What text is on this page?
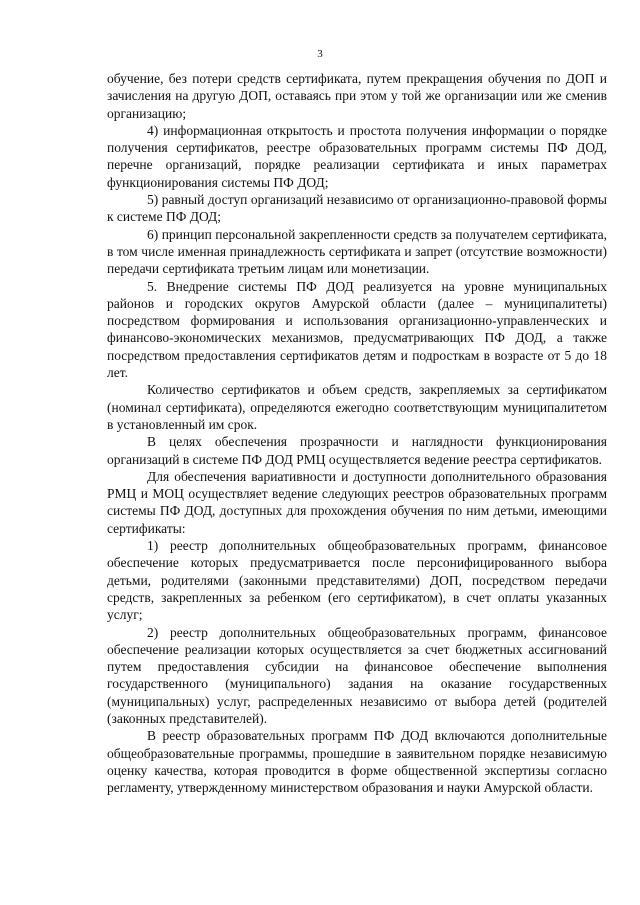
3

обучение, без потери средств сертификата, путем прекращения обучения по ДОП и зачисления на другую ДОП, оставаясь при этом у той же организации или же сменив организацию;

4) информационная открытость и простота получения информации о порядке получения сертификатов, реестре образовательных программ системы ПФ ДОД, перечне организаций, порядке реализации сертификата и иных параметрах функционирования системы ПФ ДОД;

5) равный доступ организаций независимо от организационно-правовой формы к системе ПФ ДОД;

6) принцип персональной закрепленности средств за получателем сертификата, в том числе именная принадлежность сертификата и запрет (отсутствие возможности) передачи сертификата третьим лицам или монетизации.

5. Внедрение системы ПФ ДОД реализуется на уровне муниципальных районов и городских округов Амурской области (далее – муниципалитеты) посредством формирования и использования организационно-управленческих и финансово-экономических механизмов, предусматривающих ПФ ДОД, а также посредством предоставления сертификатов детям и подросткам в возрасте от 5 до 18 лет.

Количество сертификатов и объем средств, закрепляемых за сертификатом (номинал сертификата), определяются ежегодно соответствующим муниципалитетом в установленный им срок.

В целях обеспечения прозрачности и наглядности функционирования организаций в системе ПФ ДОД РМЦ осуществляется ведение реестра сертификатов.

Для обеспечения вариативности и доступности дополнительного образования РМЦ и МОЦ осуществляет ведение следующих реестров образовательных программ системы ПФ ДОД, доступных для прохождения обучения по ним детьми, имеющими сертификаты:

1) реестр дополнительных общеобразовательных программ, финансовое обеспечение которых предусматривается после персонифицированного выбора детьми, родителями (законными представителями) ДОП, посредством передачи средств, закрепленных за ребенком (его сертификатом), в счет оплаты указанных услуг;

2) реестр дополнительных общеобразовательных программ, финансовое обеспечение реализации которых осуществляется за счет бюджетных ассигнований путем предоставления субсидии на финансовое обеспечение выполнения государственного (муниципального) задания на оказание государственных (муниципальных) услуг, распределенных независимо от выбора детей (родителей (законных представителей).

В реестр образовательных программ ПФ ДОД включаются дополнительные общеобразовательные программы, прошедшие в заявительном порядке независимую оценку качества, которая проводится в форме общественной экспертизы согласно регламенту, утвержденному министерством образования и науки Амурской области.
